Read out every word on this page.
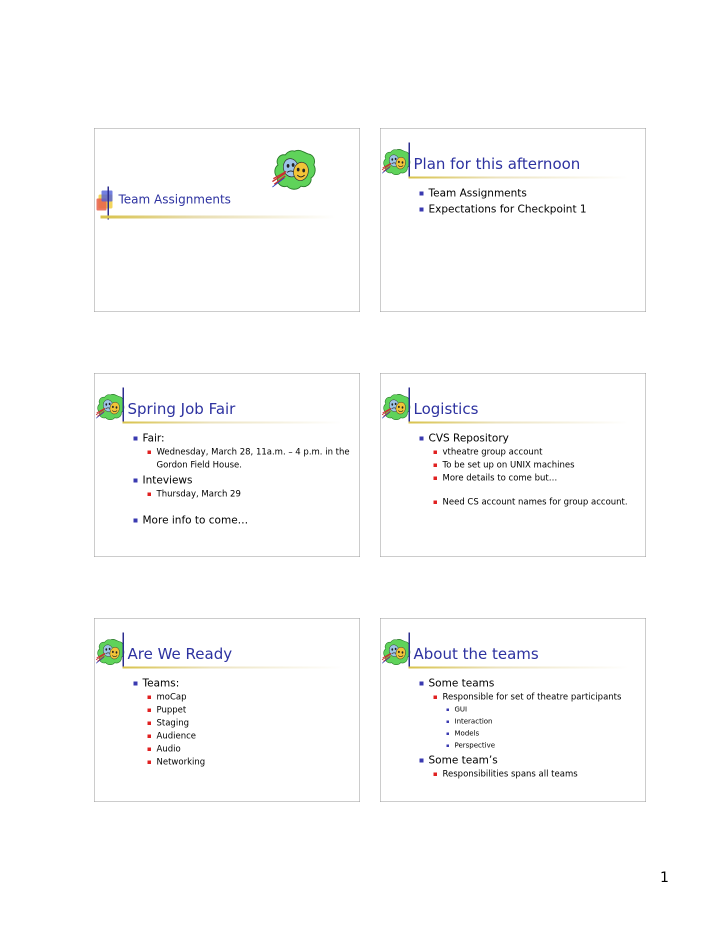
Team Assignments
Plan for this afternoon
Team Assignments
Expectations for Checkpoint 1
Spring Job Fair
Fair:
Wednesday, March 28, 11a.m. – 4 p.m. in the Gordon Field House.
Inteviews
Thursday, March 29
More info to come…
Logistics
CVS Repository
vtheatre group account
To be set up on UNIX machines
More details to come but…
Need CS account names for group account.
Are We Ready
Teams:
moCap
Puppet
Staging
Audience
Audio
Networking
About the teams
Some teams
Responsible for set of theatre participants
GUI
Interaction
Models
Perspective
Some team’s
Responsibilities spans all teams
1
